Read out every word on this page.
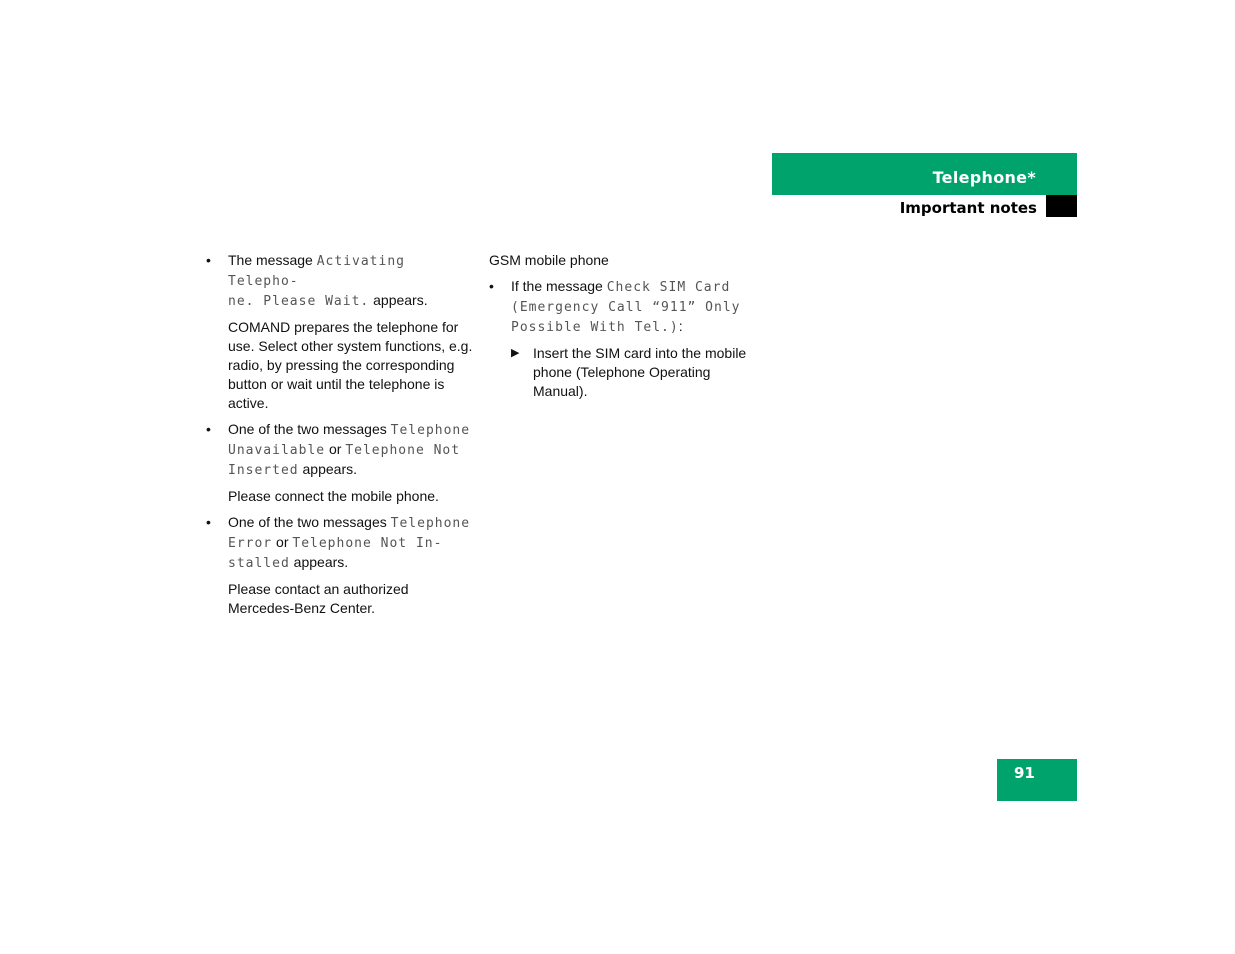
Telephone*
Important notes
• The message Activating Telepho-
ne. Please Wait. appears.

COMAND prepares the telephone for use. Select other system functions, e.g. radio, by pressing the corresponding button or wait until the telephone is active.

• One of the two messages Telephone
Unavailable or Telephone Not
Inserted appears.

Please connect the mobile phone.

• One of the two messages Telephone
Error or Telephone Not In-
stalled appears.

Please contact an authorized Mercedes-Benz Center.

GSM mobile phone
• If the message Check SIM Card
(Emergency Call “911” Only
Possible With Tel.):
▶ Insert the SIM card into the mobile phone (Telephone Operating Manual).
91
